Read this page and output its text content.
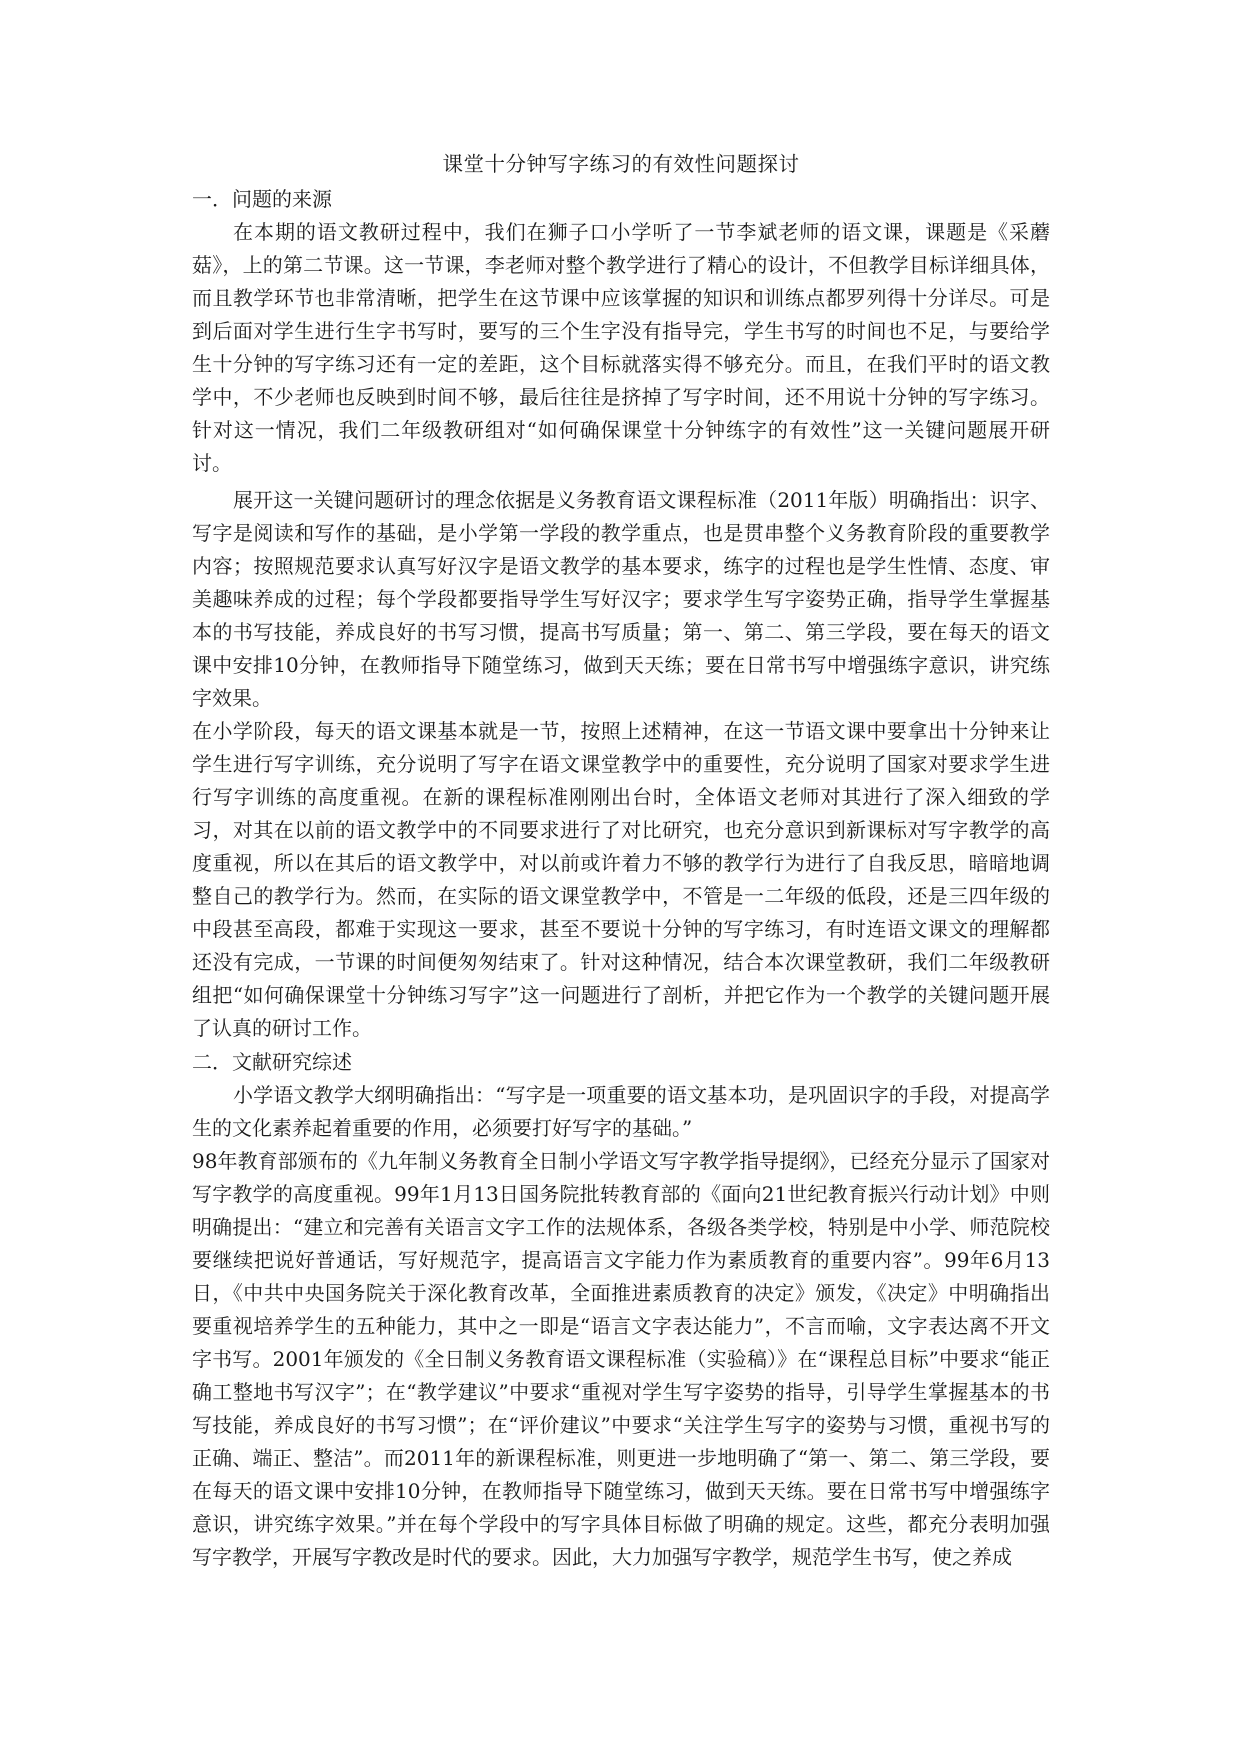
课堂十分钟写字练习的有效性问题探讨

一．问题的来源

在本期的语文教研过程中，我们在狮子口小学听了一节李斌老师的语文课，课题是《采蘑菇》，上的第二节课。这一节课，李老师对整个教学进行了精心的设计，不但教学目标详细具体，而且教学环节也非常清晰，把学生在这节课中应该掌握的知识和训练点都罗列得十分详尽。可是到后面对学生进行生字书写时，要写的三个生字没有指导完，学生书写的时间也不足，与要给学生十分钟的写字练习还有一定的差距，这个目标就落实得不够充分。而且，在我们平时的语文教学中，不少老师也反映到时间不够，最后往往是挤掉了写字时间，还不用说十分钟的写字练习。针对这一情况，我们二年级教研组对“如何确保课堂十分钟练字的有效性”这一关键问题展开研讨。

展开这一关键问题研讨的理念依据是义务教育语文课程标准（2011年版）明确指出：识字、写字是阅读和写作的基础，是小学第一学段的教学重点，也是贯串整个义务教育阶段的重要教学内容；按照规范要求认真写好汉字是语文教学的基本要求，练字的过程也是学生性情、态度、审美趣味养成的过程；每个学段都要指导学生写好汉字；要求学生写字姿势正确，指导学生掌握基本的书写技能，养成良好的书写习惯，提高书写质量；第一、第二、第三学段，要在每天的语文课中安排10分钟，在教师指导下随堂练习，做到天天练；要在日常书写中增强练字意识，讲究练字效果。

在小学阶段，每天的语文课基本就是一节，按照上述精神，在这一节语文课中要拿出十分钟来让学生进行写字训练，充分说明了写字在语文课堂教学中的重要性，充分说明了国家对要求学生进行写字训练的高度重视。在新的课程标准刚刚出台时，全体语文老师对其进行了深入细致的学习，对其在以前的语文教学中的不同要求进行了对比研究，也充分意识到新课标对写字教学的高度重视，所以在其后的语文教学中，对以前或许着力不够的教学行为进行了自我反思，暗暗地调整自己的教学行为。然而，在实际的语文课堂教学中，不管是一二年级的低段，还是三四年级的中段甚至高段，都难于实现这一要求，甚至不要说十分钟的写字练习，有时连语文课文的理解都还没有完成，一节课的时间便匆匆结束了。针对这种情况，结合本次课堂教研，我们二年级教研组把“如何确保课堂十分钟练习写字”这一问题进行了剖析，并把它作为一个教学的关键问题开展了认真的研讨工作。

二．文献研究综述

小学语文教学大纲明确指出：“写字是一项重要的语文基本功，是巩固识字的手段，对提高学生的文化素养起着重要的作用，必须要打好写字的基础。”

98年教育部颁布的《九年制义务教育全日制小学语文写字教学指导提纲》，已经充分显示了国家对写字教学的高度重视。99年1月13日国务院批转教育部的《面向21世纪教育振兴行动计划》中则明确提出：“建立和完善有关语言文字工作的法规体系，各级各类学校，特别是中小学、师范院校要继续把说好普通话，写好规范字，提高语言文字能力作为素质教育的重要内容”。99年6月13日，《中共中央国务院关于深化教育改革，全面推进素质教育的决定》颁发，《决定》中明确指出要重视培养学生的五种能力，其中之一即是“语言文字表达能力”，不言而喻，文字表达离不开文字书写。2001年颁发的《全日制义务教育语文课程标准（实验稿）》在“课程总目标”中要求“能正确工整地书写汉字”；在“教学建议”中要求“重视对学生写字姿势的指导，引导学生掌握基本的书写技能，养成良好的书写习惯”；在“评价建议”中要求“关注学生写字的姿势与习惯，重视书写的正确、端正、整洁”。而2011年的新课程标准，则更进一步地明确了“第一、第二、第三学段，要在每天的语文课中安排10分钟，在教师指导下随堂练习，做到天天练。要在日常书写中增强练字意识，讲究练字效果。”并在每个学段中的写字具体目标做了明确的规定。这些，都充分表明加强写字教学，开展写字教改是时代的要求。因此，大力加强写字教学，规范学生书写，使之养成
